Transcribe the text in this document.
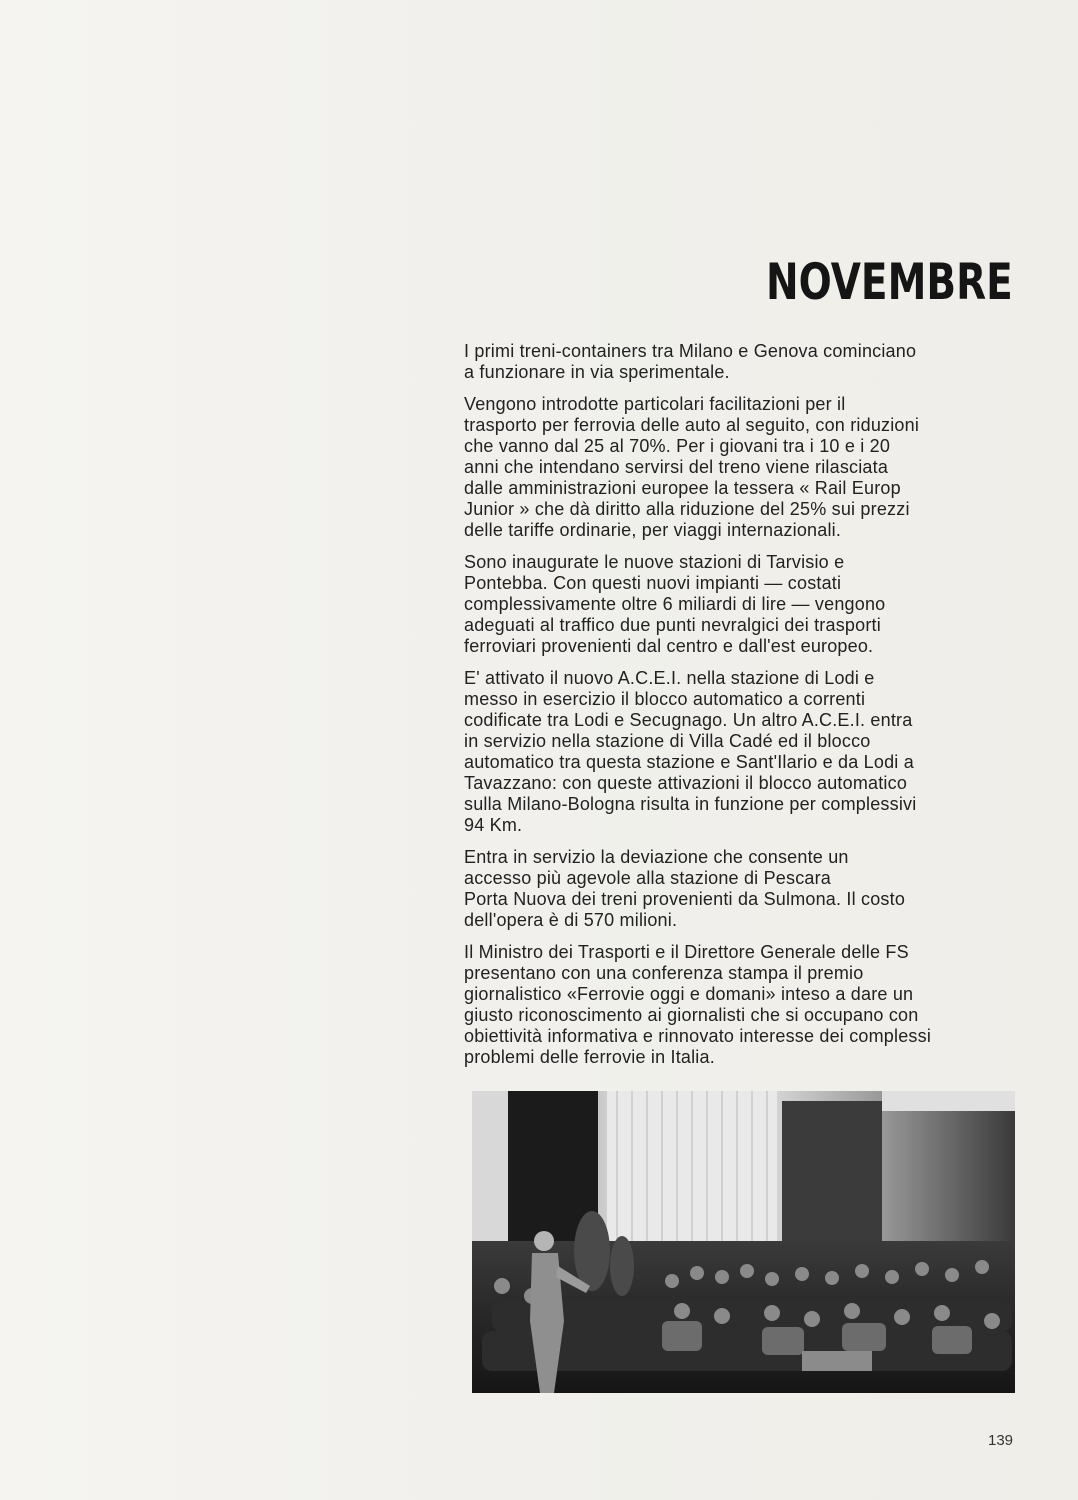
NOVEMBRE

I primi treni-containers tra Milano e Genova cominciano
a funzionare in via sperimentale.

Vengono introdotte particolari facilitazioni per il
trasporto per ferrovia delle auto al seguito, con riduzioni
che vanno dal 25 al 70%. Per i giovani tra i 10 e i 20
anni che intendano servirsi del treno viene rilasciata
dalle amministrazioni europee la tessera « Rail Europ
Junior » che dà diritto alla riduzione del 25% sui prezzi
delle tariffe ordinarie, per viaggi internazionali.

Sono inaugurate le nuove stazioni di Tarvisio e
Pontebba. Con questi nuovi impianti — costati
complessivamente oltre 6 miliardi di lire — vengono
adeguati al traffico due punti nevralgici dei trasporti
ferroviari provenienti dal centro e dall'est europeo.

E' attivato il nuovo A.C.E.I. nella stazione di Lodi e
messo in esercizio il blocco automatico a correnti
codificate tra Lodi e Secugnago. Un altro A.C.E.I. entra
in servizio nella stazione di Villa Cadé ed il blocco
automatico tra questa stazione e Sant'Ilario e da Lodi a
Tavazzano: con queste attivazioni il blocco automatico
sulla Milano-Bologna risulta in funzione per complessivi
94 Km.

Entra in servizio la deviazione che consente un
accesso più agevole alla stazione di Pescara
Porta Nuova dei treni provenienti da Sulmona. Il costo
dell'opera è di 570 milioni.

Il Ministro dei Trasporti e il Direttore Generale delle FS
presentano con una conferenza stampa il premio
giornalistico «Ferrovie oggi e domani» inteso a dare un
giusto riconoscimento ai giornalisti che si occupano con
obiettività informativa e rinnovato interesse dei complessi
problemi delle ferrovie in Italia.

139
